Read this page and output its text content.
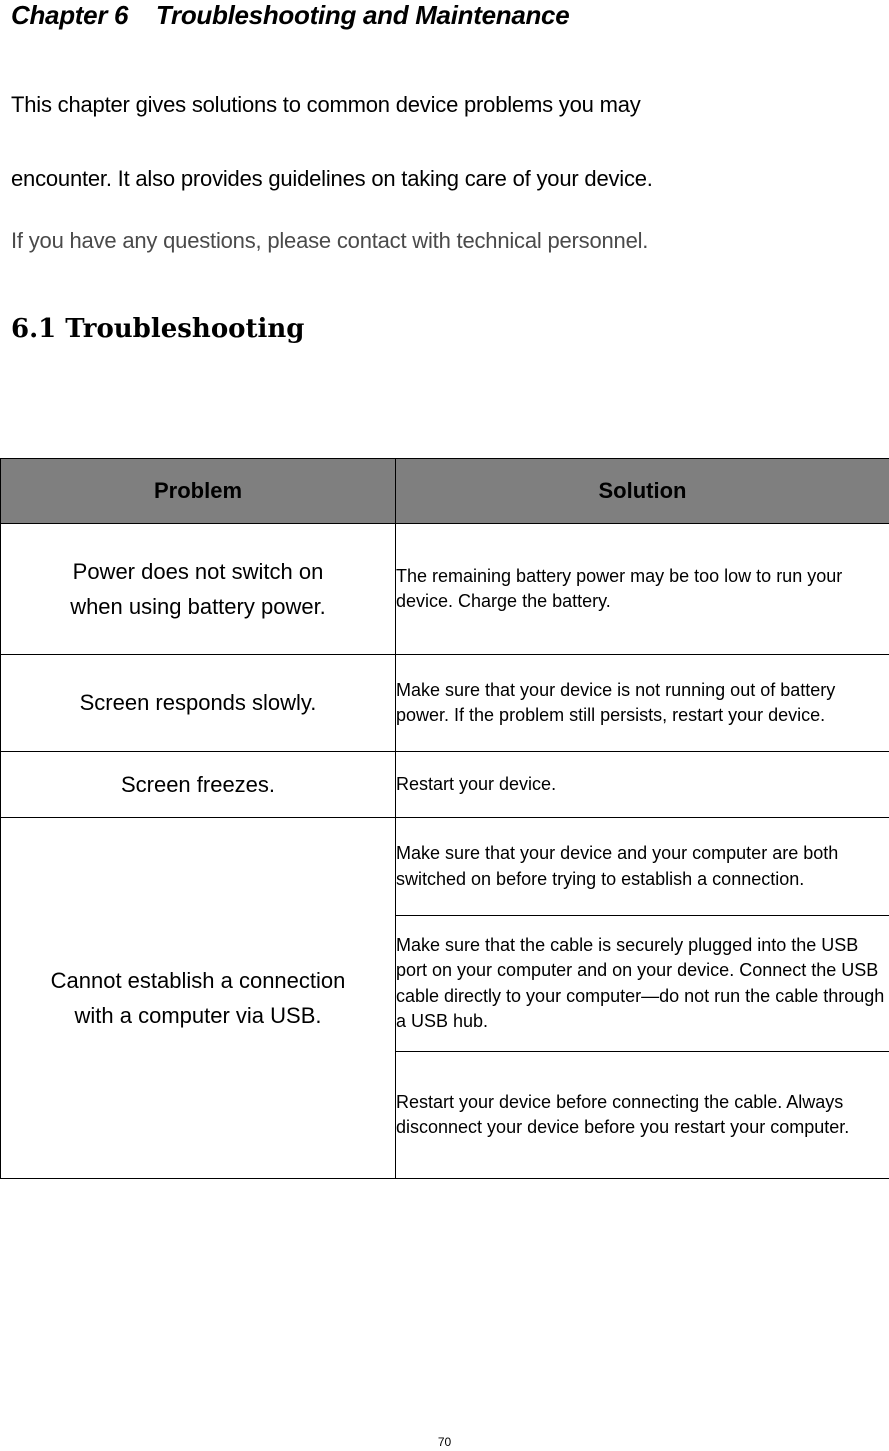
Chapter 6    Troubleshooting and Maintenance
This chapter gives solutions to common device problems you may
encounter. It also provides guidelines on taking care of your device.
If you have any questions, please contact with technical personnel.
6.1 Troubleshooting
Problem	Solution

Power does not switch on
when using battery power.	The remaining battery power may be too low to run your device. Charge the battery.

Screen responds slowly.	Make sure that your device is not running out of battery power. If the problem still persists, restart your device.

Screen freezes.	Restart your device.

Cannot establish a connection
with a computer via USB.	Make sure that your device and your computer are both switched on before trying to establish a connection.
	Make sure that the cable is securely plugged into the USB port on your computer and on your device. Connect the USB cable directly to your computer—do not run the cable through a USB hub.
	Restart your device before connecting the cable. Always disconnect your device before you restart your computer.
70
